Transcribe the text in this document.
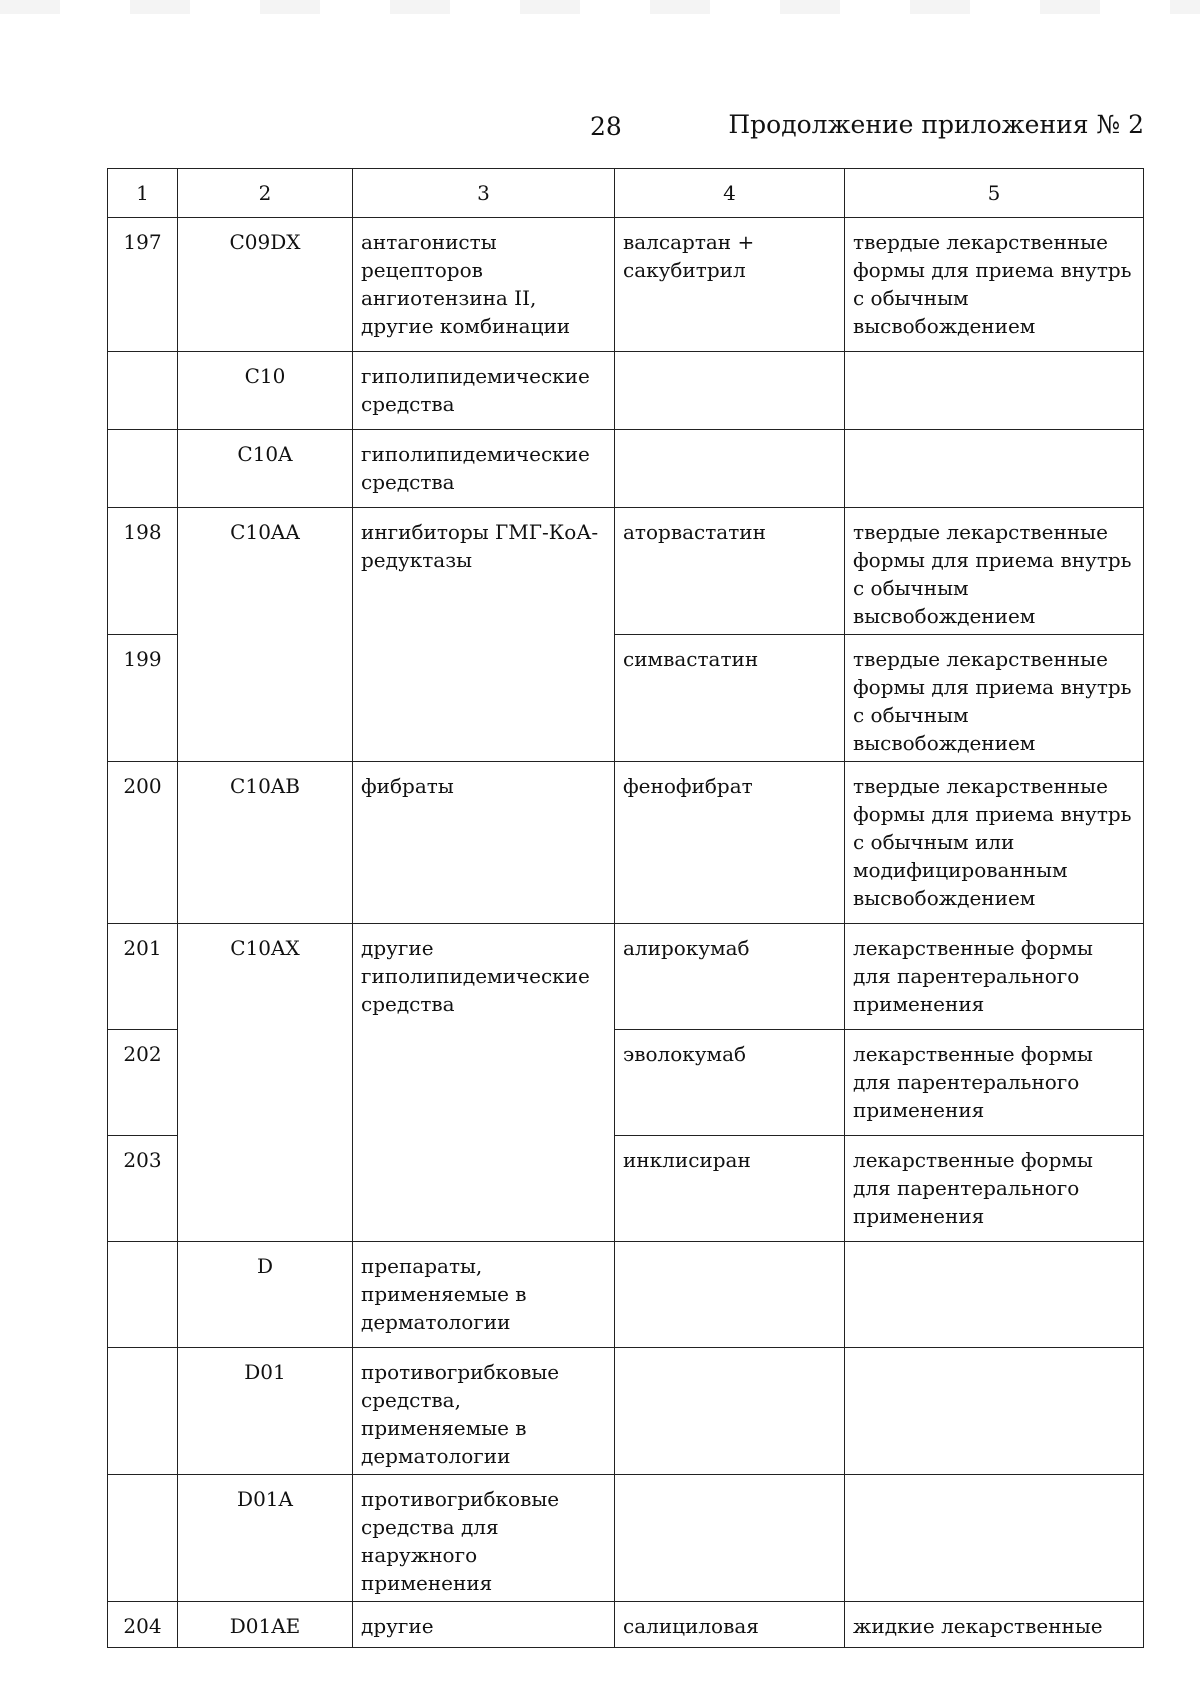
28	Продолжение приложения № 2
1	2	3	4	5
197	C09DX	антагонисты рецепторов ангиотензина II, другие комбинации	валсартан + сакубитрил	твердые лекарственные формы для приема внутрь с обычным высвобождением
	C10	гиполипидемические средства		
	C10A	гиполипидемические средства		
198	C10AA	ингибиторы ГМГ-КоА-редуктазы	аторвастатин	твердые лекарственные формы для приема внутрь с обычным высвобождением
199			симвастатин	твердые лекарственные формы для приема внутрь с обычным высвобождением
200	C10AB	фибраты	фенофибрат	твердые лекарственные формы для приема внутрь с обычным или модифицированным высвобождением
201	C10AX	другие гиполипидемические средства	алирокумаб	лекарственные формы для парентерального применения
202			эволокумаб	лекарственные формы для парентерального применения
203			инклисиран	лекарственные формы для парентерального применения
	D	препараты, применяемые в дерматологии		
	D01	противогрибковые средства, применяемые в дерматологии		
	D01A	противогрибковые средства для наружного применения		
204	D01AE	другие	салициловая	жидкие лекарственные
